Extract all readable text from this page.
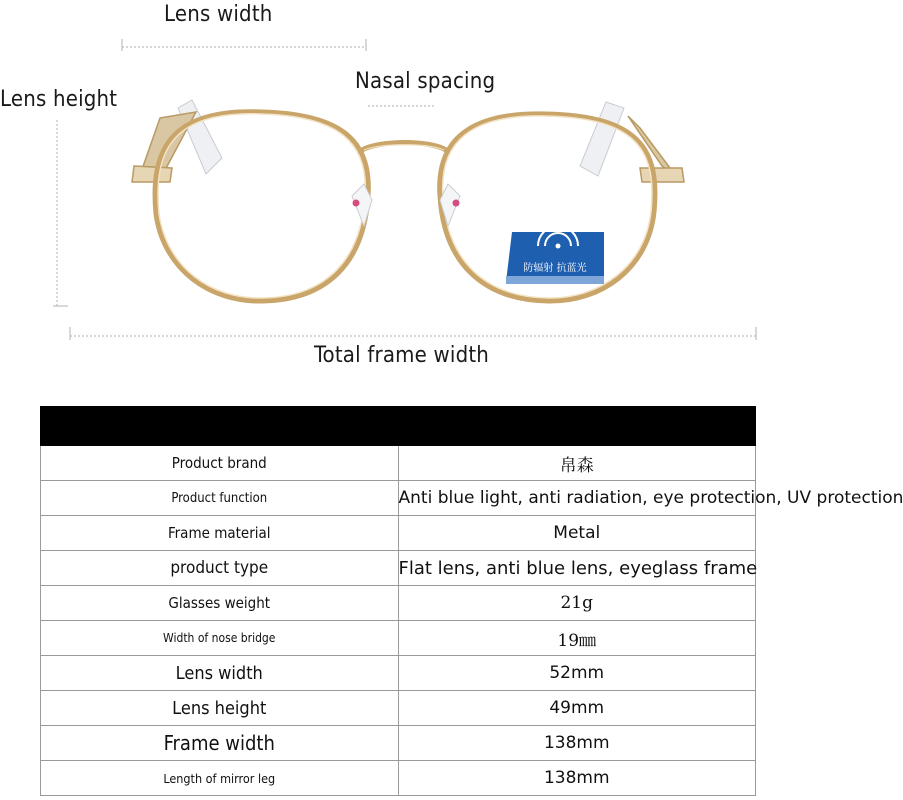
防辐射 抗蓝光
Lens width
Nasal spacing
Lens height
Total frame width

Product brand	帛森
Product function	Anti blue light, anti radiation, eye protection, UV protection
Frame material	Metal
product type	Flat lens, anti blue lens, eyeglass frame
Glasses weight	21g
Width of nose bridge	19㎜
Lens width	52mm
Lens height	49mm
Frame width	138mm
Length of mirror leg	138mm
